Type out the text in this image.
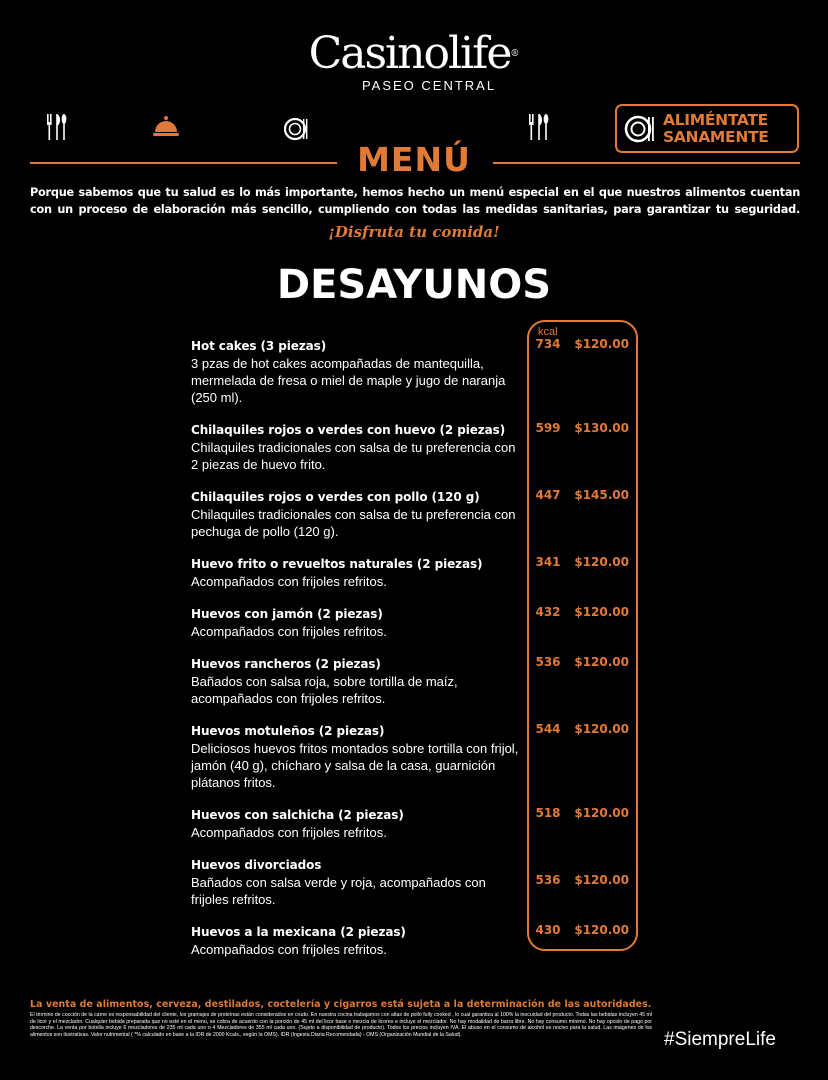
Casinolife®
PASEO CENTRAL
ALIMÉNTATE
SANAMENTE
MENÚ
Porque sabemos que tu salud es lo más importante, hemos hecho un menú especial en el que nuestros alimentos cuentan
con un proceso de elaboración más sencillo, cumpliendo con todas las medidas sanitarias, para garantizar tu seguridad.
¡Disfruta tu comida!
DESAYUNOS
kcal
Hot cakes (3 piezas)
3 pzas de hot cakes acompañadas de mantequilla, mermelada de fresa o miel de maple y jugo de naranja (250 ml).
734 $120.00
Chilaquiles rojos o verdes con huevo (2 piezas)
Chilaquiles tradicionales con salsa de tu preferencia con 2 piezas de huevo frito.
599 $130.00
Chilaquiles rojos o verdes con pollo (120 g)
Chilaquiles tradicionales con salsa de tu preferencia con pechuga de pollo (120 g).
447 $145.00
Huevo frito o revueltos naturales (2 piezas)
Acompañados con frijoles refritos.
341 $120.00
Huevos con jamón (2 piezas)
Acompañados con frijoles refritos.
432 $120.00
Huevos rancheros (2 piezas)
Bañados con salsa roja, sobre tortilla de maíz, acompañados con frijoles refritos.
536 $120.00
Huevos motuleños (2 piezas)
Deliciosos huevos fritos montados sobre tortilla con frijol, jamón (40 g), chícharo y salsa de la casa, guarnición plátanos fritos.
544 $120.00
Huevos con salchicha (2 piezas)
Acompañados con frijoles refritos.
518 $120.00
Huevos divorciados
Bañados con salsa verde y roja, acompañados con frijoles refritos.
536 $120.00
Huevos a la mexicana (2 piezas)
Acompañados con frijoles refritos.
430 $120.00
La venta de alimentos, cerveza, destilados, coctelería y cigarros está sujeta a la determinación de las autoridades.
El término de cocción de la carne es responsabilidad del cliente, los gramajes de proteínas están considerados en crudo. En nuestra cocina trabajamos con altas de pollo fully cooked , lo cual garantiza al 100% la inocuidad del producto. Todas las bebidas incluyen 45 ml de licor y el mezclador. Cualquier bebida preparada que no esté en el menú, se cobra de acuerdo con la porción de 45 ml del licor base o mezcla de licores e incluye el mezclador. No hay modalidad de barra libre. No hay consumo mínimo. No hay opción de pago por descorche. La venta por botella incluye 6 mezcladores de 235 ml cada uno o 4 Mezcladores de 355 ml cada uno. (Sujeto a disponibilidad de producto). Todos los precios incluyen IVA. El abuso en el consumo de alcohol es nocivo para la salud. Las imágenes de los alimentos son ilustrativas. Valor nutrimental ( *% calculado en base a la IDR de 2000 Kcals., según la OMS). IDR (Ingesta Diaria Recomendada) - OMS (Organización Mundial de la Salud).	#SiempreLife
